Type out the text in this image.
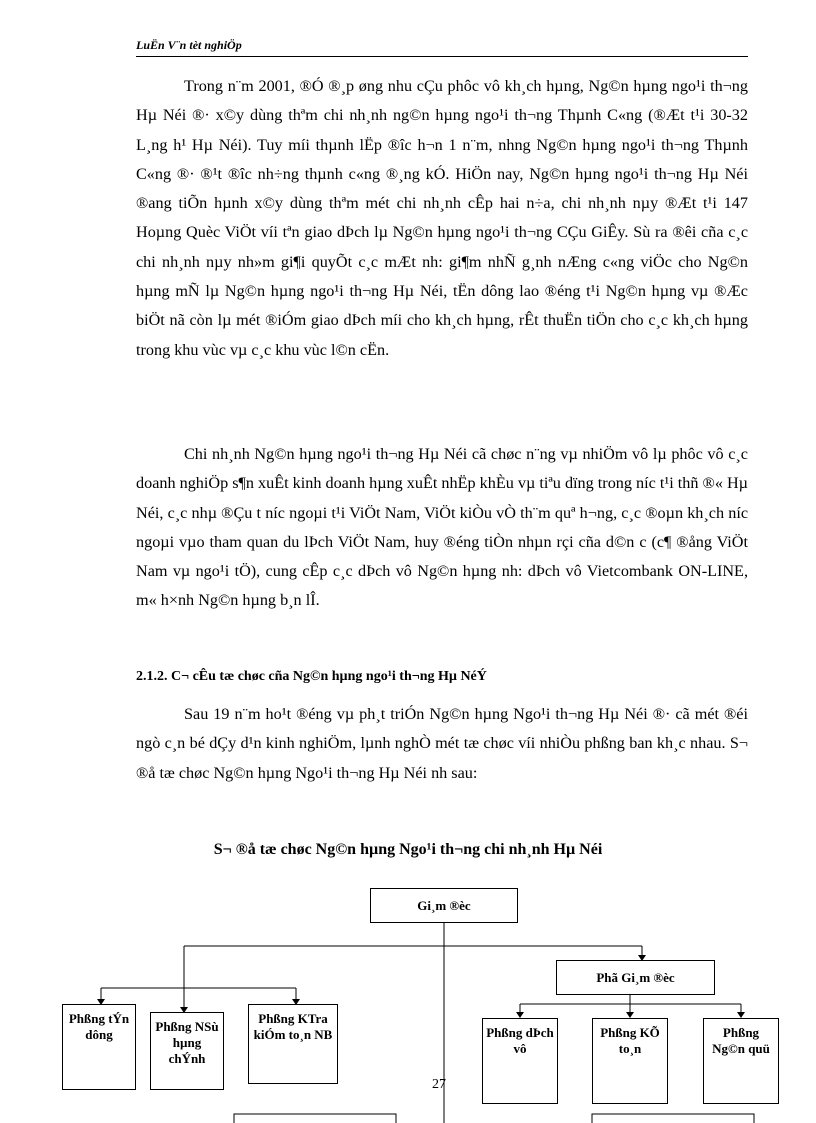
LuËn V¨n tèt nghiÖp

Trong n¨m 2001, ®Ó ®¸p øng nhu cÇu phôc vô kh¸ch hµng, Ng©n hµng ngo¹i th¬ng Hµ Néi ®· x©y dùng thªm chi nh¸nh ng©n hµng ngo¹i th¬ng Thµnh C«ng (®Æt t¹i 30-32 L¸ng h¹ Hµ Néi). Tuy míi thµnh lËp ®îc h¬n 1 n¨m, nhng Ng©n hµng ngo¹i th¬ng Thµnh C«ng ®· ®¹t ®îc nh÷ng thµnh c«ng ®¸ng kÓ. HiÖn nay, Ng©n hµng ngo¹i th¬ng Hµ Néi ®ang tiÕn hµnh x©y dùng thªm mét chi nh¸nh cÊp hai n÷a, chi nh¸nh nµy ®Æt t¹i 147 Hoµng Quèc ViÖt víi tªn giao dÞch lµ Ng©n hµng ngo¹i th¬ng CÇu GiÊy. Sù ra ®êi cña c¸c chi nh¸nh nµy nh»m gi¶i quyÕt c¸c mÆt nh: gi¶m nhÑ g¸nh nÆng c«ng viÖc cho Ng©n hµng mÑ lµ Ng©n hµng ngo¹i th¬ng Hµ Néi, tËn dông lao ®éng t¹i Ng©n hµng vµ ®Æc biÖt nã còn lµ mét ®iÓm giao dÞch míi cho kh¸ch hµng, rÊt thuËn tiÖn cho c¸c kh¸ch hµng trong khu vùc vµ c¸c khu vùc l©n cËn.

Chi nh¸nh Ng©n hµng ngo¹i th¬ng Hµ Néi cã chøc n¨ng vµ nhiÖm vô lµ phôc vô c¸c doanh nghiÖp s¶n xuÊt kinh doanh hµng xuÊt nhËp khÈu vµ tiªu dïng trong níc t¹i thñ ®« Hµ Néi, c¸c nhµ ®Çu t níc ngoµi t¹i ViÖt Nam, ViÖt kiÒu vÒ th¨m quª h¬ng, c¸c ®oµn kh¸ch níc ngoµi vµo tham quan du lÞch ViÖt Nam, huy ®éng tiÒn nhµn rçi cña d©n c (c¶ ®ång ViÖt Nam vµ ngo¹i tÖ), cung cÊp c¸c dÞch vô Ng©n hµng nh: dÞch vô Vietcombank ON-LINE, m« h×nh Ng©n hµng b¸n lÎ.

2.1.2. C¬ cÊu tæ chøc cña Ng©n hµng ngo¹i th¬ng Hµ NéÝ

Sau 19 n¨m ho¹t ®éng vµ ph¸t triÓn Ng©n hµng Ngo¹i th¬ng Hµ Néi ®· cã mét ®éi ngò c¸n bé dÇy d¹n kinh nghiÖm, lµnh nghÒ mét tæ chøc víi nhiÒu phßng ban kh¸c nhau. S¬ ®å tæ chøc Ng©n hµng Ngo¹i th¬ng Hµ Néi nh sau:

S¬ ®å tæ chøc Ng©n hµng Ngo¹i th¬ng chi nh¸nh Hµ Néi
Gi¸m ®èc
Phã Gi¸m ®èc
Phßng tÝn dông
Phßng NSù hµng chÝnh
Phßng KTra kiÓm to¸n NB	Phßng dÞch vô
Phßng KÕ to¸n
Phßng Ng©n quü
27
